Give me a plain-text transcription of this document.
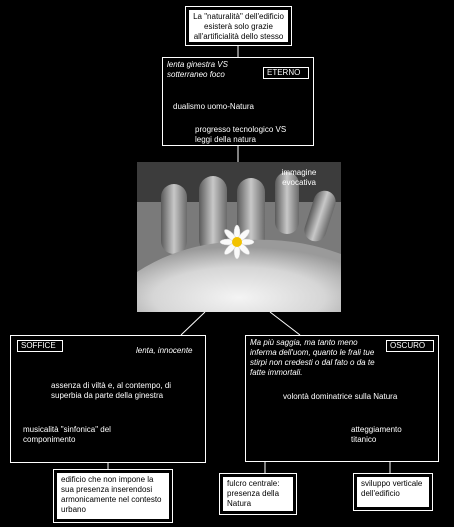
La "naturalità" dell'edificio esisterà solo grazie all'artificialità dello stesso
ETERNO
lenta ginestra VS
sotterraneo foco
dualismo uomo-Natura
progresso tecnologico VS
leggi della natura
immagine
evocativa
SOFFICE
lenta, innocente
assenza di viltà e, al contempo, di
superbia da parte della ginestra
musicalità "sinfonica" del
componimento
OSCURO
Ma più saggia, ma tanto meno
inferma dell'uom, quanto le frali tue
stirpi non credesti o dal fato o da te
fatte immortali.
volontà dominatrice sulla Natura
atteggiamento
titanico
edificio che non impone la sua presenza inserendosi armonicamente nel contesto urbano
fulcro centrale: presenza della Natura
sviluppo verticale dell'edificio
